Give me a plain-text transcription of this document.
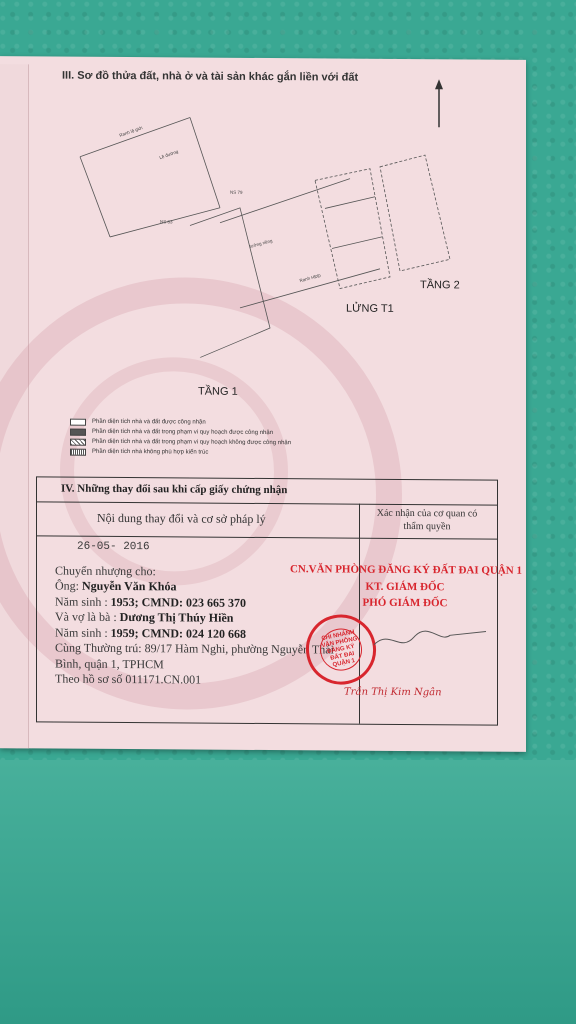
III. Sơ đồ thửa đất, nhà ở và tài sản khác gắn liền với đất
Ranh lộ giới
Lề đường
tường riêng
Ranh HĐĐ
NS 79
NS 83
TẦNG 1
LỬNG T1
TẦNG 2
Phần diện tích nhà và đất được công nhận
Phần diện tích nhà và đất trong phạm vi quy hoạch được công nhận
Phần diện tích nhà và đất trong phạm vi quy hoạch không được công nhận
Phần diện tích nhà không phù hợp kiến trúc
IV. Những thay đổi sau khi cấp giấy chứng nhận
Nội dung thay đổi và cơ sở pháp lý	Xác nhận của cơ quan có thẩm quyền
26-05- 2016
Chuyển nhượng cho:
Ông: Nguyễn Văn Khóa
Năm sinh : 1953; CMND: 023 665 370
Và vợ là bà : Dương Thị Thúy Hiền
Năm sinh : 1959; CMND: 024 120 668
Cùng Thường trú: 89/17 Hàm Nghi, phường Nguyễn Thái
Bình, quận 1, TPHCM
Theo hồ sơ số 011171.CN.001
CN.VĂN PHÒNG ĐĂNG KÝ ĐẤT ĐAI QUẬN 1
KT. GIÁM ĐỐC
PHÓ GIÁM ĐỐC
CHI NHÁNH VĂN PHÒNG ĐĂNG KÝ ĐẤT ĐAI QUẬN 1
Trần Thị Kim Ngân
